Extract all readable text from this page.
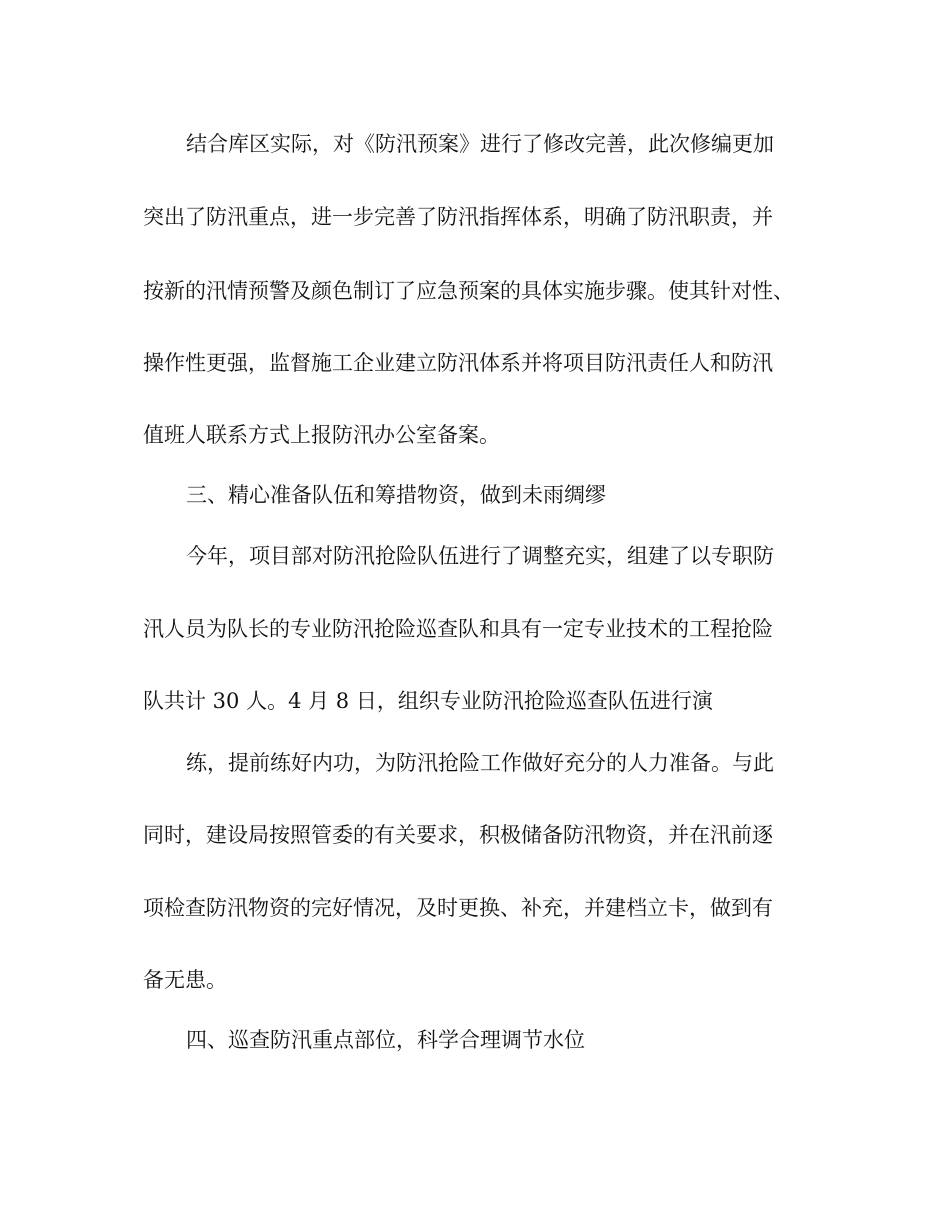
结合库区实际，对《防汛预案》进行了修改完善，此次修编更加
突出了防汛重点，进一步完善了防汛指挥体系，明确了防汛职责，并
按新的汛情预警及颜色制订了应急预案的具体实施步骤。使其针对性、
操作性更强，监督施工企业建立防汛体系并将项目防汛责任人和防汛
值班人联系方式上报防汛办公室备案。
三、精心准备队伍和筹措物资，做到未雨绸缪
今年，项目部对防汛抢险队伍进行了调整充实，组建了以专职防
汛人员为队长的专业防汛抢险巡查队和具有一定专业技术的工程抢险
队共计 30 人。4 月 8 日，组织专业防汛抢险巡查队伍进行演
练，提前练好内功，为防汛抢险工作做好充分的人力准备。与此
同时，建设局按照管委的有关要求，积极储备防汛物资，并在汛前逐
项检查防汛物资的完好情况，及时更换、补充，并建档立卡，做到有
备无患。
四、巡查防汛重点部位，科学合理调节水位
